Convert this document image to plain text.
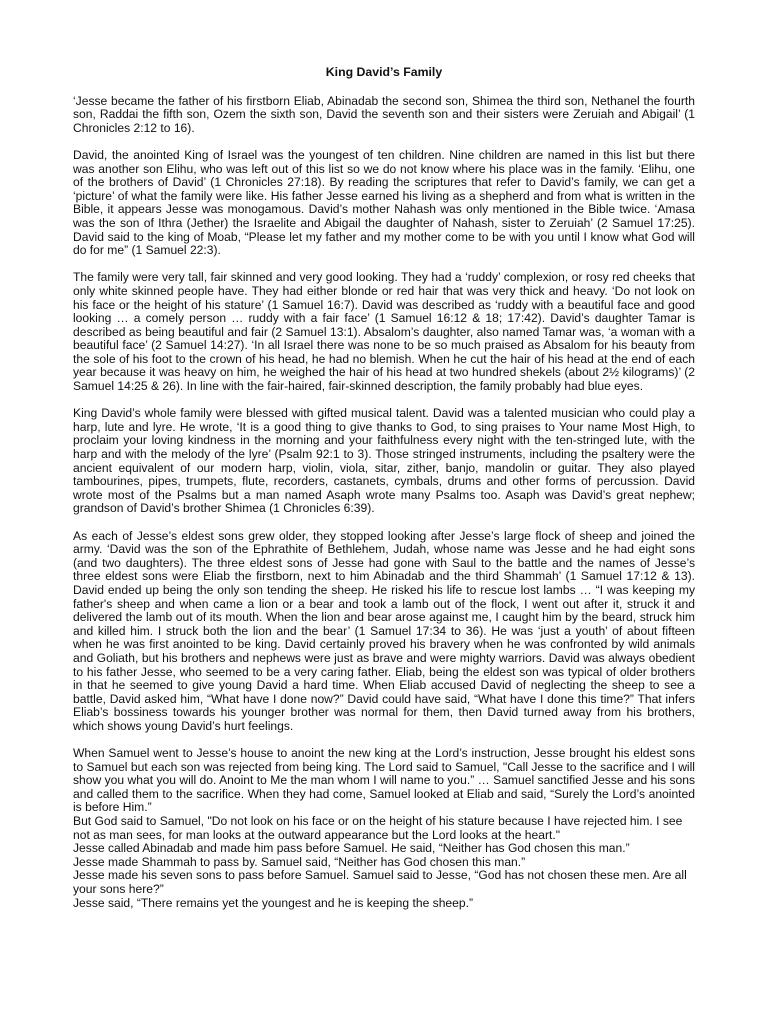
King David’s Family

‘Jesse became the father of his firstborn Eliab, Abinadab the second son, Shimea the third son, Nethanel the fourth son, Raddai the fifth son, Ozem the sixth son, David the seventh son and their sisters were Zeruiah and Abigail’ (1 Chronicles 2:12 to 16).

David, the anointed King of Israel was the youngest of ten children. Nine children are named in this list but there was another son Elihu, who was left out of this list so we do not know where his place was in the family. ‘Elihu, one of the brothers of David’ (1 Chronicles 27:18). By reading the scriptures that refer to David’s family, we can get a ‘picture’ of what the family were like. His father Jesse earned his living as a shepherd and from what is written in the Bible, it appears Jesse was monogamous. David’s mother Nahash was only mentioned in the Bible twice. ‘Amasa was the son of Ithra (Jether) the Israelite and Abigail the daughter of Nahash, sister to Zeruiah’ (2 Samuel 17:25). David said to the king of Moab, “Please let my father and my mother come to be with you until I know what God will do for me” (1 Samuel 22:3).

The family were very tall, fair skinned and very good looking. They had a ‘ruddy’ complexion, or rosy red cheeks that only white skinned people have. They had either blonde or red hair that was very thick and heavy. ‘Do not look on his face or the height of his stature’ (1 Samuel 16:7). David was described as ‘ruddy with a beautiful face and good looking … a comely person … ruddy with a fair face’ (1 Samuel 16:12 & 18; 17:42). David’s daughter Tamar is described as being beautiful and fair (2 Samuel 13:1). Absalom’s daughter, also named Tamar was, ‘a woman with a beautiful face’ (2 Samuel 14:27). ‘In all Israel there was none to be so much praised as Absalom for his beauty from the sole of his foot to the crown of his head, he had no blemish. When he cut the hair of his head at the end of each year because it was heavy on him, he weighed the hair of his head at two hundred shekels (about 2½ kilograms)’ (2 Samuel 14:25 & 26). In line with the fair-haired, fair-skinned description, the family probably had blue eyes.

King David’s whole family were blessed with gifted musical talent. David was a talented musician who could play a harp, lute and lyre. He wrote, ‘It is a good thing to give thanks to God, to sing praises to Your name Most High, to proclaim your loving kindness in the morning and your faithfulness every night with the ten-stringed lute, with the harp and with the melody of the lyre’ (Psalm 92:1 to 3). Those stringed instruments, including the psaltery were the ancient equivalent of our modern harp, violin, viola, sitar, zither, banjo, mandolin or guitar. They also played tambourines, pipes, trumpets, flute, recorders, castanets, cymbals, drums and other forms of percussion. David wrote most of the Psalms but a man named Asaph wrote many Psalms too. Asaph was David’s great nephew; grandson of David’s brother Shimea (1 Chronicles 6:39).

As each of Jesse’s eldest sons grew older, they stopped looking after Jesse’s large flock of sheep and joined the army. ‘David was the son of the Ephrathite of Bethlehem, Judah, whose name was Jesse and he had eight sons (and two daughters). The three eldest sons of Jesse had gone with Saul to the battle and the names of Jesse’s three eldest sons were Eliab the firstborn, next to him Abinadab and the third Shammah’ (1 Samuel 17:12 & 13). David ended up being the only son tending the sheep. He risked his life to rescue lost lambs … “I was keeping my father's sheep and when came a lion or a bear and took a lamb out of the flock, I went out after it, struck it and delivered the lamb out of its mouth. When the lion and bear arose against me, I caught him by the beard, struck him and killed him. I struck both the lion and the bear’ (1 Samuel 17:34 to 36). He was ‘just a youth’ of about fifteen when he was first anointed to be king. David certainly proved his bravery when he was confronted by wild animals and Goliath, but his brothers and nephews were just as brave and were mighty warriors. David was always obedient to his father Jesse, who seemed to be a very caring father. Eliab, being the eldest son was typical of older brothers in that he seemed to give young David a hard time. When Eliab accused David of neglecting the sheep to see a battle, David asked him, “What have I done now?” David could have said, “What have I done this time?” That infers Eliab’s bossiness towards his younger brother was normal for them, then David turned away from his brothers, which shows young David’s hurt feelings.

When Samuel went to Jesse’s house to anoint the new king at the Lord’s instruction, Jesse brought his eldest sons to Samuel but each son was rejected from being king. The Lord said to Samuel, "Call Jesse to the sacrifice and I will show you what you will do. Anoint to Me the man whom I will name to you.” … Samuel sanctified Jesse and his sons and called them to the sacrifice. When they had come, Samuel looked at Eliab and said, “Surely the Lord’s anointed is before Him.”

But God said to Samuel, "Do not look on his face or on the height of his stature because I have rejected him. I see not as man sees, for man looks at the outward appearance but the Lord looks at the heart."

Jesse called Abinadab and made him pass before Samuel. He said, “Neither has God chosen this man.”

Jesse made Shammah to pass by. Samuel said, “Neither has God chosen this man.”

Jesse made his seven sons to pass before Samuel. Samuel said to Jesse, “God has not chosen these men. Are all your sons here?”

Jesse said, “There remains yet the youngest and he is keeping the sheep.”
